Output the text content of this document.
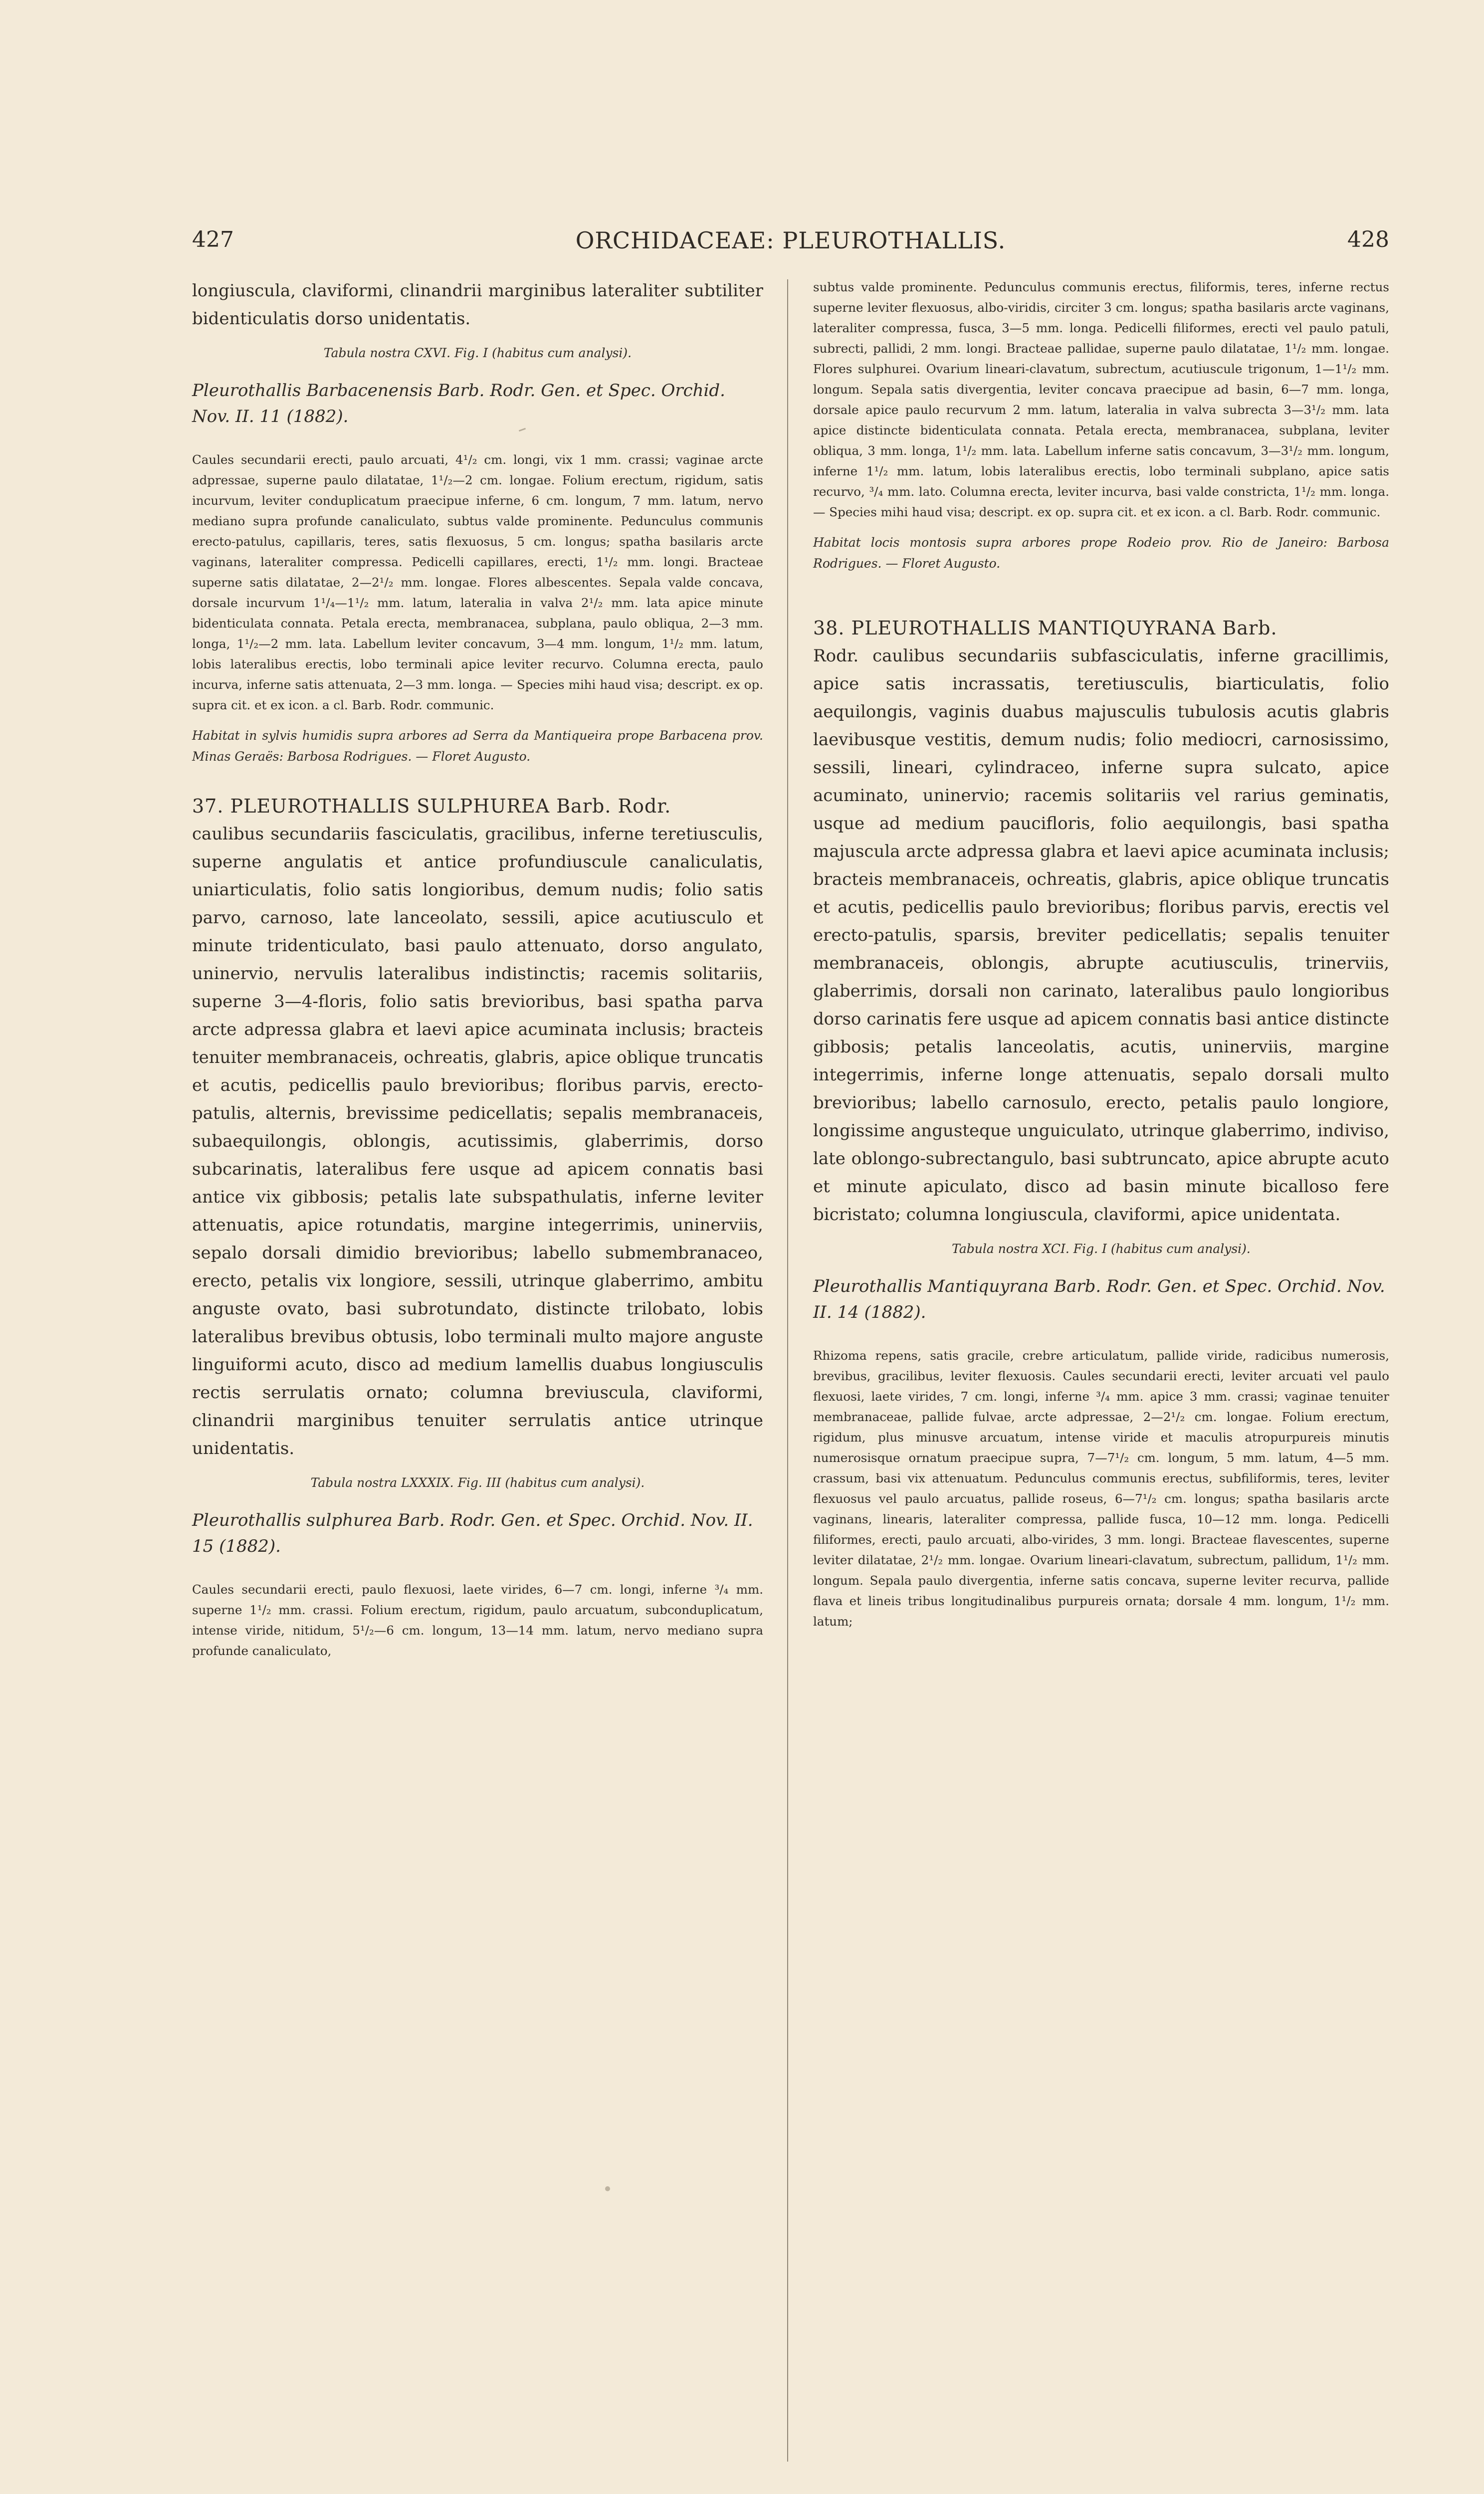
427	ORCHIDACEAE: PLEUROTHALLIS.	428

longiuscula, claviformi, clinandrii marginibus lateraliter subtiliter bidenticulatis dorso unidentatis.

Tabula nostra CXVI. Fig. I (habitus cum analysi).

Pleurothallis Barbacenensis Barb. Rodr. Gen. et Spec. Orchid. Nov. II. 11 (1882).

Caules secundarii erecti, paulo arcuati, 4¹/₂ cm. longi, vix 1 mm. crassi; vaginae arcte adpressae, superne paulo dilatatae, 1¹/₂—2 cm. longae. Folium erectum, rigidum, satis incurvum, leviter conduplicatum praecipue inferne, 6 cm. longum, 7 mm. latum, nervo mediano supra profunde canaliculato, subtus valde prominente. Pedunculus communis erecto-patulus, capillaris, teres, satis flexuosus, 5 cm. longus; spatha basilaris arcte vaginans, lateraliter compressa. Pedicelli capillares, erecti, 1¹/₂ mm. longi. Bracteae superne satis dilatatae, 2—2¹/₂ mm. longae. Flores albescentes. Sepala valde concava, dorsale incurvum 1¹/₄—1¹/₂ mm. latum, lateralia in valva 2¹/₂ mm. lata apice minute bidenticulata connata. Petala erecta, membranacea, subplana, paulo obliqua, 2—3 mm. longa, 1¹/₂—2 mm. lata. Labellum leviter concavum, 3—4 mm. longum, 1¹/₂ mm. latum, lobis lateralibus erectis, lobo terminali apice leviter recurvo. Columna erecta, paulo incurva, inferne satis attenuata, 2—3 mm. longa. — Species mihi haud visa; descript. ex op. supra cit. et ex icon. a cl. Barb. Rodr. communic.

Habitat in sylvis humidis supra arbores ad Serra da Mantiqueira prope Barbacena prov. Minas Geraës: Barbosa Rodrigues. — Floret Augusto.

37. PLEUROTHALLIS SULPHUREA Barb. Rodr.

caulibus secundariis fasciculatis, gracilibus, inferne teretiusculis, superne angulatis et antice profundiuscule canaliculatis, uniarticulatis, folio satis longioribus, demum nudis; folio satis parvo, carnoso, late lanceolato, sessili, apice acutiusculo et minute tridenticulato, basi paulo attenuato, dorso angulato, uninervio, nervulis lateralibus indistinctis; racemis solitariis, superne 3—4-floris, folio satis brevioribus, basi spatha parva arcte adpressa glabra et laevi apice acuminata inclusis; bracteis tenuiter membranaceis, ochreatis, glabris, apice oblique truncatis et acutis, pedicellis paulo brevioribus; floribus parvis, erecto-patulis, alternis, brevissime pedicellatis; sepalis membranaceis, subaequilongis, oblongis, acutissimis, glaberrimis, dorso subcarinatis, lateralibus fere usque ad apicem connatis basi antice vix gibbosis; petalis late subspathulatis, inferne leviter attenuatis, apice rotundatis, margine integerrimis, uninerviis, sepalo dorsali dimidio brevioribus; labello submembranaceo, erecto, petalis vix longiore, sessili, utrinque glaberrimo, ambitu anguste ovato, basi subrotundato, distincte trilobato, lobis lateralibus brevibus obtusis, lobo terminali multo majore anguste linguiformi acuto, disco ad medium lamellis duabus longiusculis rectis serrulatis ornato; columna breviuscula, claviformi, clinandrii marginibus tenuiter serrulatis antice utrinque unidentatis.

Tabula nostra LXXXIX. Fig. III (habitus cum analysi).

Pleurothallis sulphurea Barb. Rodr. Gen. et Spec. Orchid. Nov. II. 15 (1882).

Caules secundarii erecti, paulo flexuosi, laete virides, 6—7 cm. longi, inferne ³/₄ mm. superne 1¹/₂ mm. crassi. Folium erectum, rigidum, paulo arcuatum, subconduplicatum, intense viride, nitidum, 5¹/₂—6 cm. longum, 13—14 mm. latum, nervo mediano supra profunde canaliculato,

subtus valde prominente. Pedunculus communis erectus, filiformis, teres, inferne rectus superne leviter flexuosus, albo-viridis, circiter 3 cm. longus; spatha basilaris arcte vaginans, lateraliter compressa, fusca, 3—5 mm. longa. Pedicelli filiformes, erecti vel paulo patuli, subrecti, pallidi, 2 mm. longi. Bracteae pallidae, superne paulo dilatatae, 1¹/₂ mm. longae. Flores sulphurei. Ovarium lineari-clavatum, subrectum, acutiuscule trigonum, 1—1¹/₂ mm. longum. Sepala satis divergentia, leviter concava praecipue ad basin, 6—7 mm. longa, dorsale apice paulo recurvum 2 mm. latum, lateralia in valva subrecta 3—3¹/₂ mm. lata apice distincte bidenticulata connata. Petala erecta, membranacea, subplana, leviter obliqua, 3 mm. longa, 1¹/₂ mm. lata. Labellum inferne satis concavum, 3—3¹/₂ mm. longum, inferne 1¹/₂ mm. latum, lobis lateralibus erectis, lobo terminali subplano, apice satis recurvo, ³/₄ mm. lato. Columna erecta, leviter incurva, basi valde constricta, 1¹/₂ mm. longa. — Species mihi haud visa; descript. ex op. supra cit. et ex icon. a cl. Barb. Rodr. communic.

Habitat locis montosis supra arbores prope Rodeio prov. Rio de Janeiro: Barbosa Rodrigues. — Floret Augusto.

38. PLEUROTHALLIS MANTIQUYRANA Barb.

Rodr. caulibus secundariis subfasciculatis, inferne gracillimis, apice satis incrassatis, teretiusculis, biarticulatis, folio aequilongis, vaginis duabus majusculis tubulosis acutis glabris laevibusque vestitis, demum nudis; folio mediocri, carnosissimo, sessili, lineari, cylindraceo, inferne supra sulcato, apice acuminato, uninervio; racemis solitariis vel rarius geminatis, usque ad medium paucifloris, folio aequilongis, basi spatha majuscula arcte adpressa glabra et laevi apice acuminata inclusis; bracteis membranaceis, ochreatis, glabris, apice oblique truncatis et acutis, pedicellis paulo brevioribus; floribus parvis, erectis vel erecto-patulis, sparsis, breviter pedicellatis; sepalis tenuiter membranaceis, oblongis, abrupte acutiusculis, trinerviis, glaberrimis, dorsali non carinato, lateralibus paulo longioribus dorso carinatis fere usque ad apicem connatis basi antice distincte gibbosis; petalis lanceolatis, acutis, uninerviis, margine integerrimis, inferne longe attenuatis, sepalo dorsali multo brevioribus; labello carnosulo, erecto, petalis paulo longiore, longissime angusteque unguiculato, utrinque glaberrimo, indiviso, late oblongo-subrectangulo, basi subtruncato, apice abrupte acuto et minute apiculato, disco ad basin minute bicalloso fere bicristato; columna longiuscula, claviformi, apice unidentata.

Tabula nostra XCI. Fig. I (habitus cum analysi).

Pleurothallis Mantiquyrana Barb. Rodr. Gen. et Spec. Orchid. Nov. II. 14 (1882).

Rhizoma repens, satis gracile, crebre articulatum, pallide viride, radicibus numerosis, brevibus, gracilibus, leviter flexuosis. Caules secundarii erecti, leviter arcuati vel paulo flexuosi, laete virides, 7 cm. longi, inferne ³/₄ mm. apice 3 mm. crassi; vaginae tenuiter membranaceae, pallide fulvae, arcte adpressae, 2—2¹/₂ cm. longae. Folium erectum, rigidum, plus minusve arcuatum, intense viride et maculis atropurpureis minutis numerosisque ornatum praecipue supra, 7—7¹/₂ cm. longum, 5 mm. latum, 4—5 mm. crassum, basi vix attenuatum. Pedunculus communis erectus, subfiliformis, teres, leviter flexuosus vel paulo arcuatus, pallide roseus, 6—7¹/₂ cm. longus; spatha basilaris arcte vaginans, linearis, lateraliter compressa, pallide fusca, 10—12 mm. longa. Pedicelli filiformes, erecti, paulo arcuati, albo-virides, 3 mm. longi. Bracteae flavescentes, superne leviter dilatatae, 2¹/₂ mm. longae. Ovarium lineari-clavatum, subrectum, pallidum, 1¹/₂ mm. longum. Sepala paulo divergentia, inferne satis concava, superne leviter recurva, pallide flava et lineis tribus longitudinalibus purpureis ornata; dorsale 4 mm. longum, 1¹/₂ mm. latum;
